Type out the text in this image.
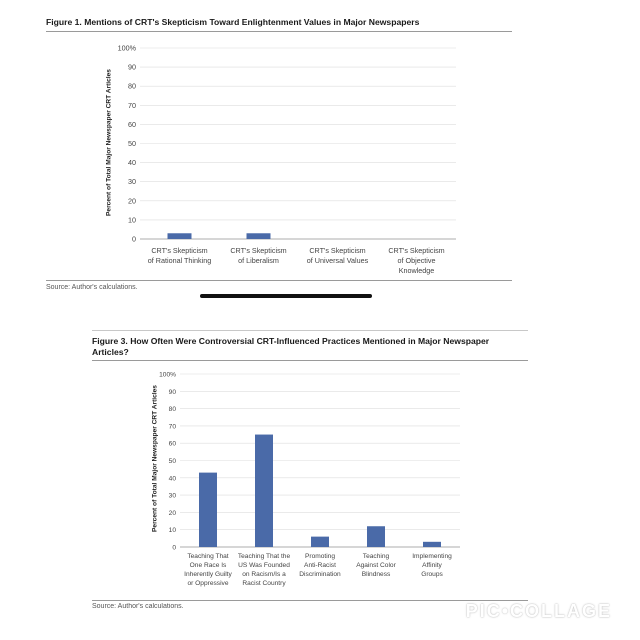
Figure 1. Mentions of CRT's Skepticism Toward Enlightenment Values in Major Newspapers
Percent of Total Major Newspaper CRT Articles
0
10
20
30
40
50
60
70
80
90
100%
CRT's Skepticism
of Rational Thinking
CRT's Skepticism
of Liberalism
CRT's Skepticism
of Universal Values
CRT's Skepticism
of Objective
Knowledge
Source: Author's calculations.
Figure 3. How Often Were Controversial CRT-Influenced Practices Mentioned in Major Newspaper
Articles?
Percent of Total Major Newspaper CRT Articles
0
10
20
30
40
50
60
70
80
90
100%
Teaching That
One Race Is
Inherently Guilty
or Oppressive
Teaching That the
US Was Founded
on Racism/Is a
Racist Country
Promoting
Anti-Racist
Discrimination
Teaching
Against Color
Blindness
Implementing
Affinity
Groups
Source: Author's calculations.	PIC•COLLAGE
